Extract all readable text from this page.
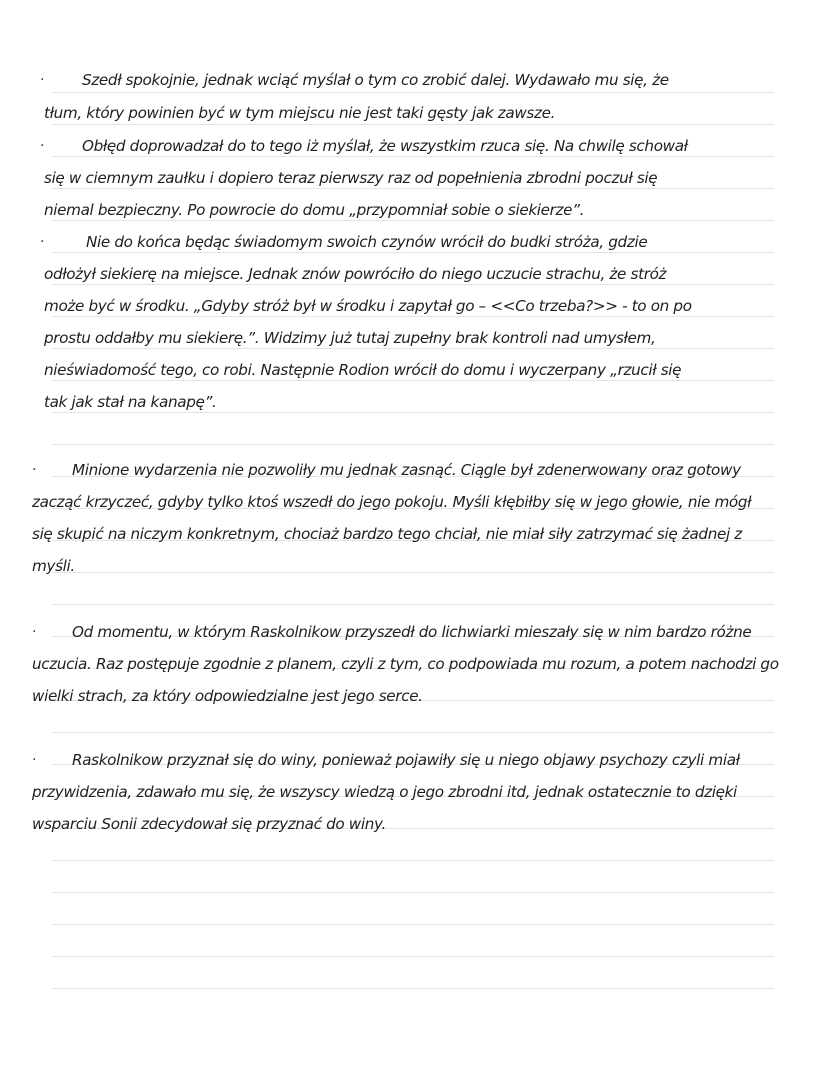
· Szedł spokojnie, jednak wciąć myślał o tym co zrobić dalej. Wydawało mu się, że
tłum, który powinien być w tym miejscu nie jest taki gęsty jak zawsze.
· Obłęd doprowadzał do to tego iż myślał, że wszystkim rzuca się. Na chwilę schował
się w ciemnym zaułku i dopiero teraz pierwszy raz od popełnienia zbrodni poczuł się
niemal bezpieczny. Po powrocie do domu „przypomniał sobie o siekierze”.
·	Nie do końca będąc świadomym swoich czynów wrócił do budki stróża, gdzie
odłożył siekierę na miejsce. Jednak znów powróciło do niego uczucie strachu, że stróż
może być w środku. „Gdyby stróż był w środku i zapytał go – <<Co trzeba?>> - to on po
prostu oddałby mu siekierę.”. Widzimy już tutaj zupełny brak kontroli nad umysłem,
nieświadomość tego, co robi. Następnie Rodion wrócił do domu i wyczerpany „rzucił się
tak jak stał na kanapę”.
· Minione wydarzenia nie pozwoliły mu jednak zasnąć. Ciągle był zdenerwowany oraz gotowy
zacząć krzyczeć, gdyby tylko ktoś wszedł do jego pokoju. Myśli kłębiłby się w jego głowie, nie mógł
się skupić na niczym konkretnym, chociaż bardzo tego chciał, nie miał siły zatrzymać się żadnej z
myśli.
· Od momentu, w którym Raskolnikow przyszedł do lichwiarki mieszały się w nim bardzo różne
uczucia. Raz postępuje zgodnie z planem, czyli z tym, co podpowiada mu rozum, a potem nachodzi go
wielki strach, za który odpowiedzialne jest jego serce.
· Raskolnikow przyznał się do winy, ponieważ pojawiły się u niego objawy psychozy czyli miał
przywidzenia, zdawało mu się, że wszyscy wiedzą o jego zbrodni itd, jednak ostatecznie to dzięki
wsparciu Sonii zdecydował się przyznać do winy.
